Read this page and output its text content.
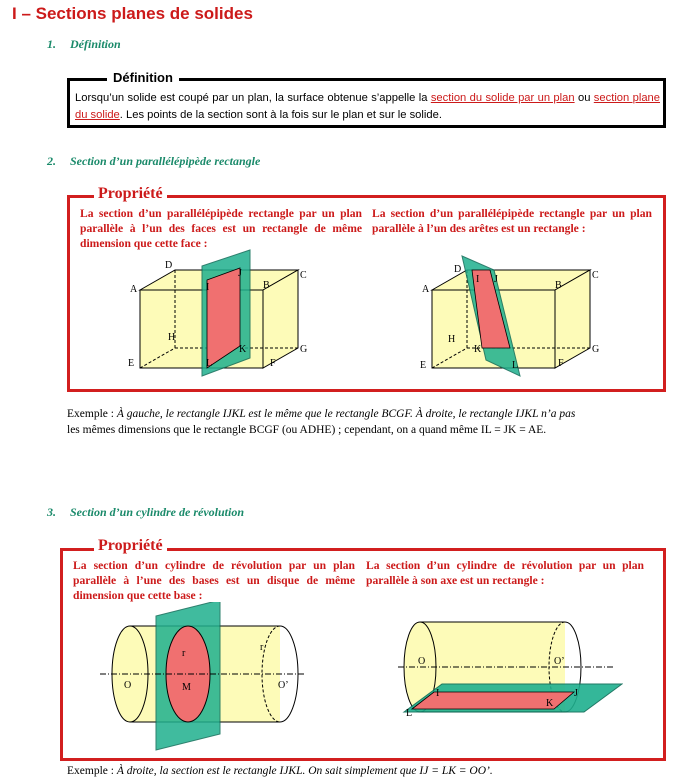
I – Sections planes de solides
1. Définition
Définition
Lorsqu’un solide est coupé par un plan, la surface obtenue s’appelle la section du solide par un plan ou section plane du solide. Les points de la section sont à la fois sur le plan et sur le solide.
2. Section d’un parallélépipède rectangle
Propriété
La section d’un parallélépipède rectangle par un plan parallèle à l’un des faces est un rectangle de même dimension que cette face :
La section d’un parallélépipède rectangle par un plan parallèle à l’un des arêtes est un rectangle :
A	B
C
D
E	F
G
H
I
J
K
L
A	B
C
D
E	F
G
H
I J
K
L
Exemple : À gauche, le rectangle IJKL est le même que le rectangle BCGF. À droite, le rectangle IJKL n’a pas
les mêmes dimensions que le rectangle BCGF (ou ADHE) ; cependant, on a quand même IL = JK = AE.
3. Section d’un cylindre de révolution
Propriété
La section d’un cylindre de révolution par un plan parallèle à l’une des bases est un disque de même dimension que cette base :
La section d’un cylindre de révolution par un plan parallèle à son axe est un rectangle :
O	O’
M
r
r
O	O’
I	J
K
L
Exemple : À droite, la section est le rectangle IJKL. On sait simplement que IJ = LK = OO’.
